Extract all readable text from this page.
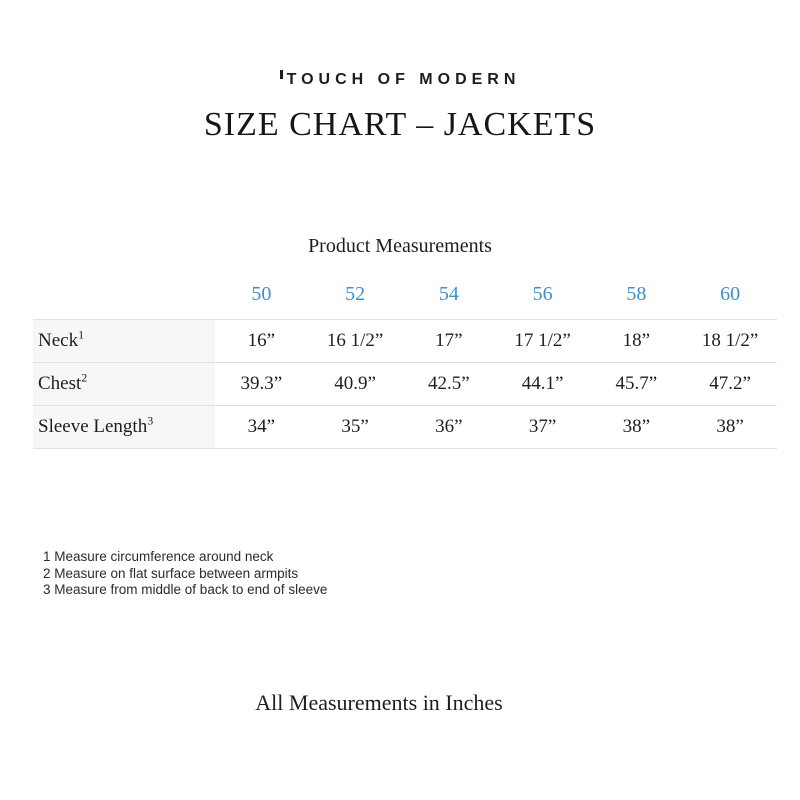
TOUCH OF MODERN
SIZE CHART – JACKETS
Product Measurements
	50	52	54	56	58	60
Neck$^1$	16”	16 1/2”	17”	17 1/2”	18”	18 1/2”
Chest$^2$	39.3”	40.9”	42.5”	44.1”	45.7”	47.2”
Sleeve Length$^3$	34”	35”	36”	37”	38”	38”
1 Measure circumference around neck
2 Measure on flat surface between armpits
3 Measure from middle of back to end of sleeve
All Measurements in Inches
